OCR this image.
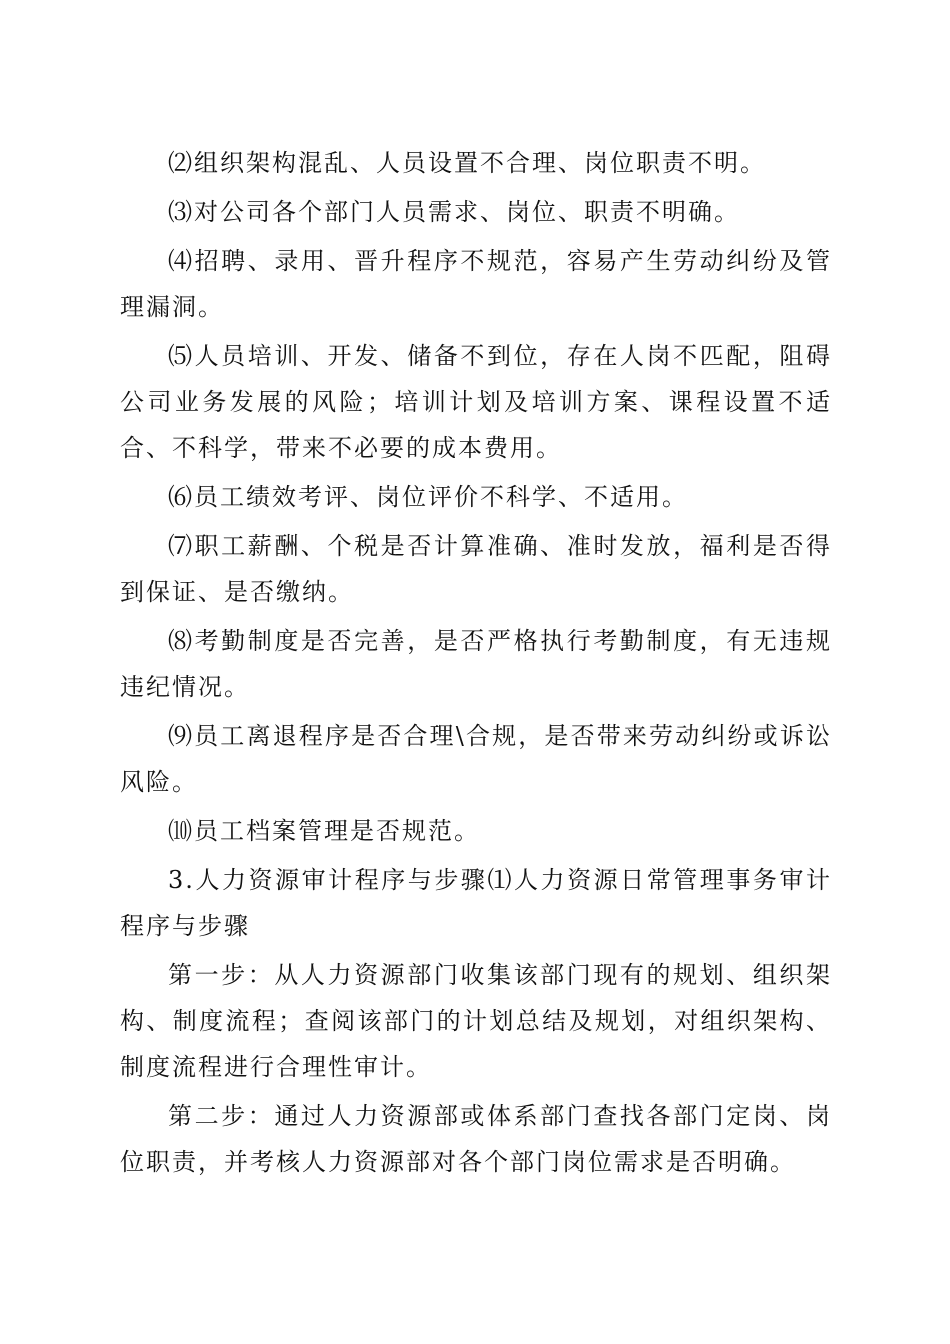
⑵组织架构混乱、人员设置不合理、岗位职责不明。

⑶对公司各个部门人员需求、岗位、职责不明确。

⑷招聘、录用、晋升程序不规范，容易产生劳动纠纷及管理漏洞。

⑸人员培训、开发、储备不到位，存在人岗不匹配，阻碍公司业务发展的风险；培训计划及培训方案、课程设置不适合、不科学，带来不必要的成本费用。

⑹员工绩效考评、岗位评价不科学、不适用。

⑺职工薪酬、个税是否计算准确、准时发放，福利是否得到保证、是否缴纳。

⑻考勤制度是否完善，是否严格执行考勤制度，有无违规违纪情况。

⑼员工离退程序是否合理\合规，是否带来劳动纠纷或诉讼风险。

⑽员工档案管理是否规范。

3.人力资源审计程序与步骤⑴人力资源日常管理事务审计程序与步骤

第一步：从人力资源部门收集该部门现有的规划、组织架构、制度流程；查阅该部门的计划总结及规划，对组织架构、制度流程进行合理性审计。

第二步：通过人力资源部或体系部门查找各部门定岗、岗位职责，并考核人力资源部对各个部门岗位需求是否明确。
